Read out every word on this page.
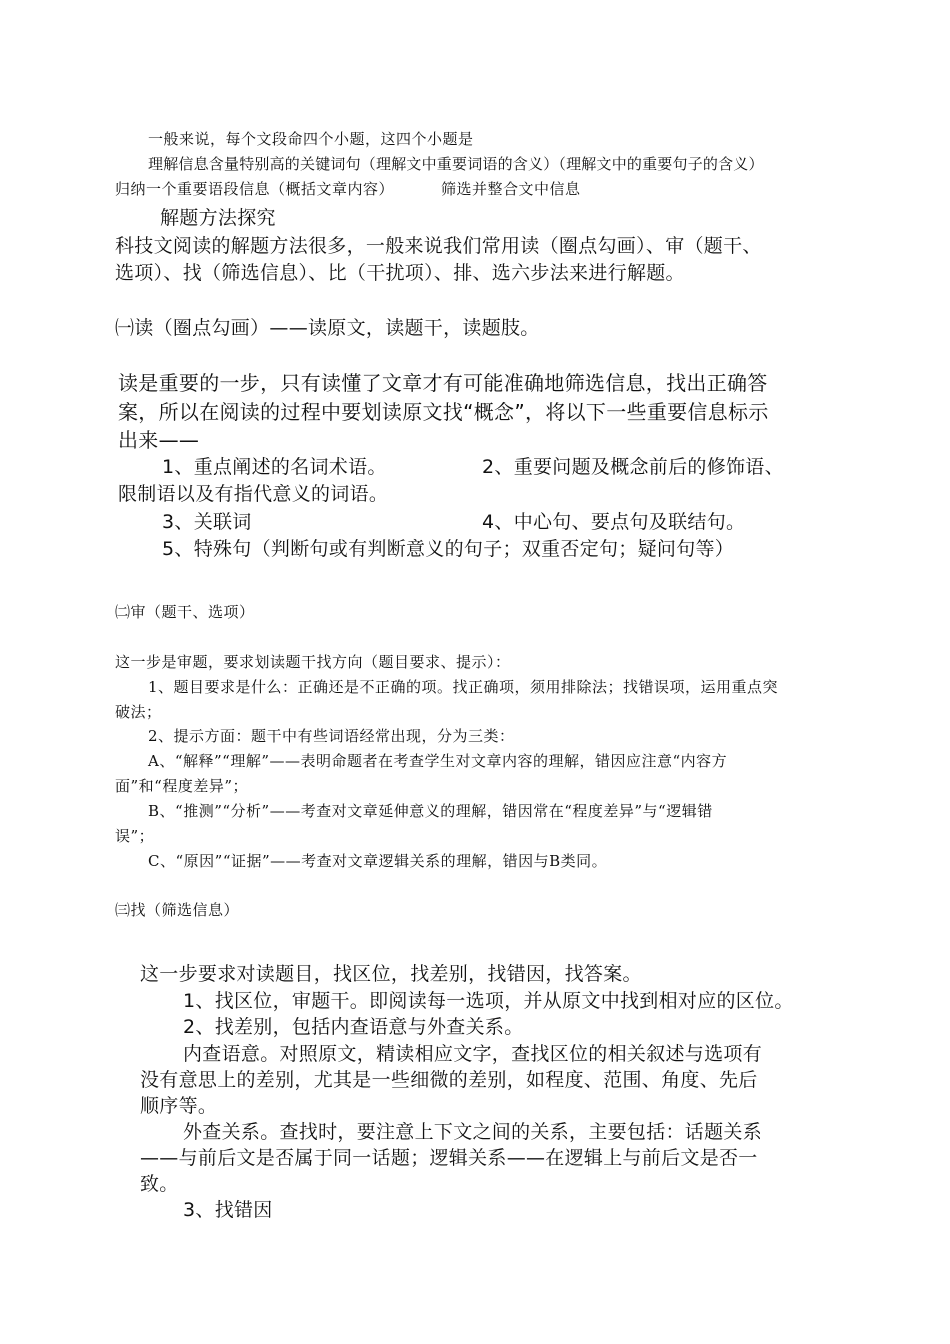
一般来说，每个文段命四个小题，这四个小题是

理解信息含量特别高的关键词句（理解文中重要词语的含义）（理解文中的重要句子的含义）

归纳一个重要语段信息（概括文章内容）	筛选并整合文中信息

解题方法探究

科技文阅读的解题方法很多，一般来说我们常用读（圈点勾画）、审（题干、

选项）、找（筛选信息）、比（干扰项）、排、选六步法来进行解题。

㈠读（圈点勾画）——读原文，读题干，读题肢。

读是重要的一步，只有读懂了文章才有可能准确地筛选信息，找出正确答

案，所以在阅读的过程中要划读原文找“概念”，将以下一些重要信息标示

出来——

1、重点阐述的名词术语。	2、重要问题及概念前后的修饰语、

限制语以及有指代意义的词语。

3、关联词	4、中心句、要点句及联结句。

5、特殊句（判断句或有判断意义的句子；双重否定句；疑问句等）

㈡审（题干、选项）

这一步是审题，要求划读题干找方向（题目要求、提示）：

1、题目要求是什么：正确还是不正确的项。找正确项，须用排除法；找错误项，运用重点突

破法；

2、提示方面：题干中有些词语经常出现，分为三类：

A、“解释”“理解”——表明命题者在考查学生对文章内容的理解，错因应注意“内容方

面”和“程度差异”；

B、“推测”“分析”——考查对文章延伸意义的理解，错因常在“程度差异”与“逻辑错

误”；

C、“原因”“证据”——考查对文章逻辑关系的理解，错因与B类同。

㈢找（筛选信息）

这一步要求对读题目，找区位，找差别，找错因，找答案。

1、找区位，审题干。即阅读每一选项，并从原文中找到相对应的区位。

2、找差别，包括内查语意与外查关系。

内查语意。对照原文，精读相应文字，查找区位的相关叙述与选项有

没有意思上的差别，尤其是一些细微的差别，如程度、范围、角度、先后

顺序等。

外查关系。查找时，要注意上下文之间的关系，主要包括：话题关系

——与前后文是否属于同一话题；逻辑关系——在逻辑上与前后文是否一

致。

3、找错因
